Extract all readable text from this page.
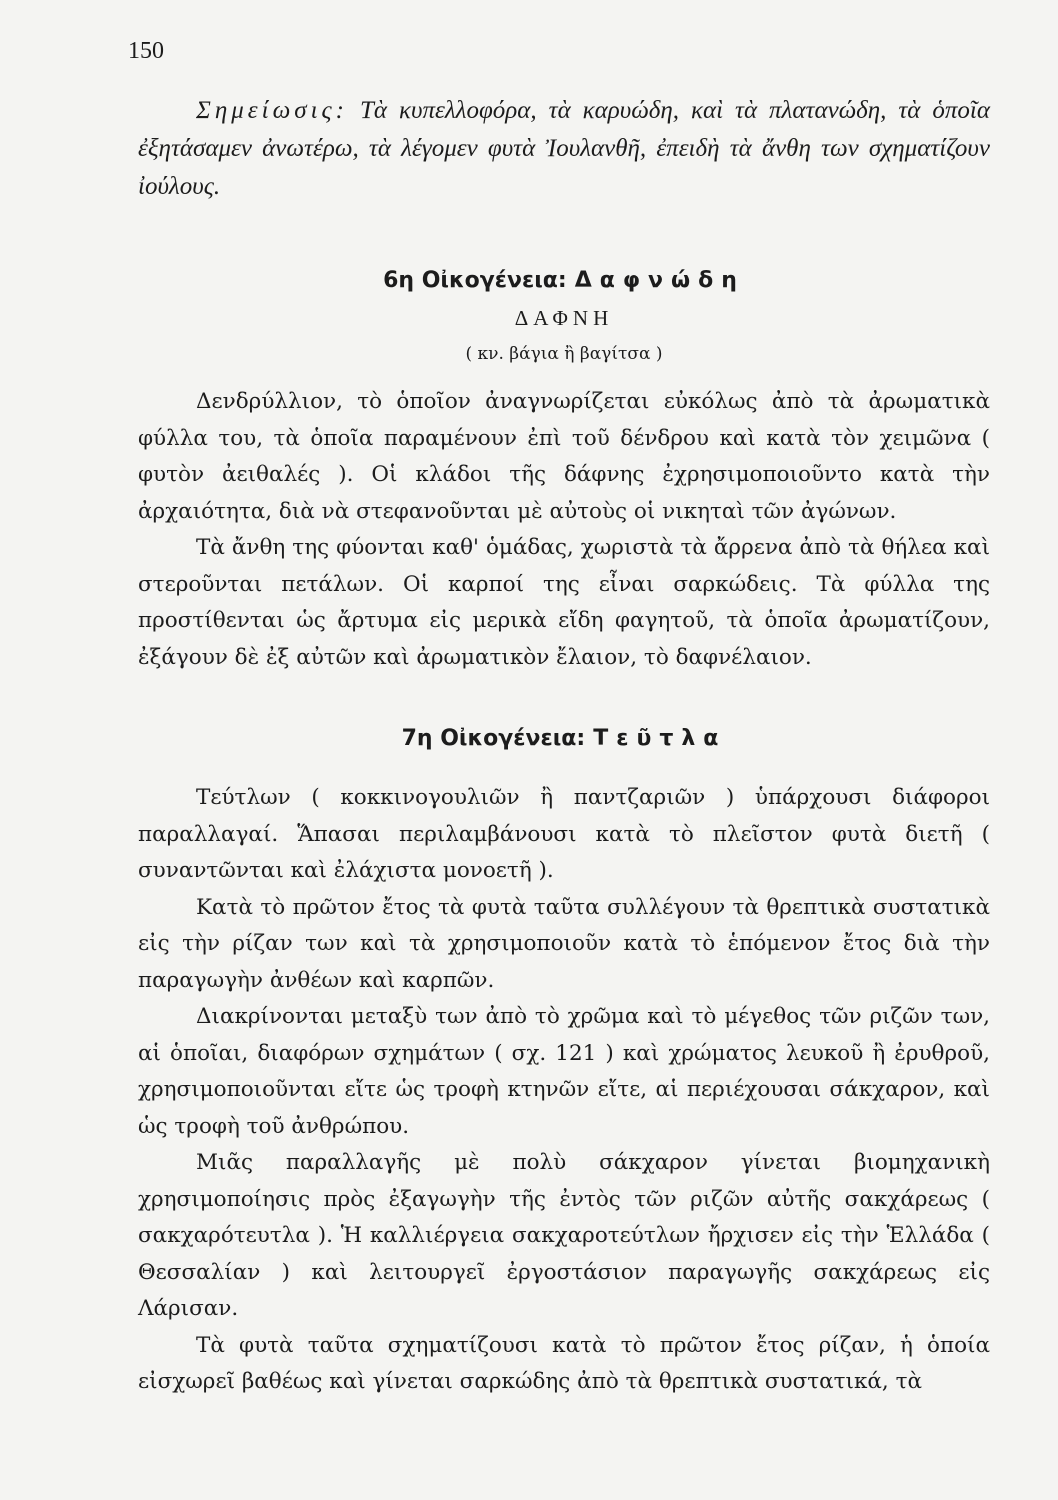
150

Σημείωσις: Τὰ κυπελλοφόρα, τὰ καρυώδη, καὶ τὰ πλατανώδη, τὰ ὁποῖα ἐξητάσαμεν ἀνωτέρω, τὰ λέγομεν φυτὰ Ἰουλανθῆ, ἐπειδὴ τὰ ἄνθη των σχηματίζουν ἰούλους.

6η Οἰκογένεια: Δαφνώδη
ΔΑΦΝΗ
( κν. βάγια ἢ βαγίτσα )

Δενδρύλλιον, τὸ ὁποῖον ἀναγνωρίζεται εὐκόλως ἀπὸ τὰ ἀρωματικὰ φύλλα του, τὰ ὁποῖα παραμένουν ἐπὶ τοῦ δένδρου καὶ κατὰ τὸν χειμῶνα ( φυτὸν ἀειθαλές ). Οἱ κλάδοι τῆς δάφνης ἐχρησιμοποιοῦντο κατὰ τὴν ἀρχαιότητα, διὰ νὰ στεφανοῦνται μὲ αὐτοὺς οἱ νικηταὶ τῶν ἀγώνων.

Τὰ ἄνθη της φύονται καθ' ὁμάδας, χωριστὰ τὰ ἄρρενα ἀπὸ τὰ θήλεα καὶ στεροῦνται πετάλων. Οἱ καρποί της εἶναι σαρκώδεις. Τὰ φύλλα της προστίθενται ὡς ἄρτυμα εἰς μερικὰ εἴδη φαγητοῦ, τὰ ὁποῖα ἀρωματίζουν, ἐξάγουν δὲ ἐξ αὐτῶν καὶ ἀρωματικὸν ἔλαιον, τὸ δαφνέλαιον.

7η Οἰκογένεια: Τεῦτλα

Τεύτλων ( κοκκινογουλιῶν ἢ παντζαριῶν ) ὑπάρχουσι διάφοροι παραλλαγαί. Ἅπασαι περιλαμβάνουσι κατὰ τὸ πλεῖστον φυτὰ διετῆ ( συναντῶνται καὶ ἐλάχιστα μονοετῆ ).

Κατὰ τὸ πρῶτον ἔτος τὰ φυτὰ ταῦτα συλλέγουν τὰ θρεπτικὰ συστατικὰ εἰς τὴν ρίζαν των καὶ τὰ χρησιμοποιοῦν κατὰ τὸ ἑπόμενον ἔτος διὰ τὴν παραγωγὴν ἀνθέων καὶ καρπῶν.

Διακρίνονται μεταξὺ των ἀπὸ τὸ χρῶμα καὶ τὸ μέγεθος τῶν ριζῶν των, αἱ ὁποῖαι, διαφόρων σχημάτων ( σχ. 121 ) καὶ χρώματος λευκοῦ ἢ ἐρυθροῦ, χρησιμοποιοῦνται εἴτε ὡς τροφὴ κτηνῶν εἴτε, αἱ περιέχουσαι σάκχαρον, καὶ ὡς τροφὴ τοῦ ἀνθρώπου.

Μιᾶς παραλλαγῆς μὲ πολὺ σάκχαρον γίνεται βιομηχανικὴ χρησιμοποίησις πρὸς ἐξαγωγὴν τῆς ἐντὸς τῶν ριζῶν αὐτῆς σακχάρεως ( σακχαρότευτλα ). Ἡ καλλιέργεια σακχαροτεύτλων ἤρχισεν εἰς τὴν Ἑλλάδα ( Θεσσαλίαν ) καὶ λειτουργεῖ ἐργοστάσιον παραγωγῆς σακχάρεως εἰς Λάρισαν.

Τὰ φυτὰ ταῦτα σχηματίζουσι κατὰ τὸ πρῶτον ἔτος ρίζαν, ἡ ὁποία εἰσχωρεῖ βαθέως καὶ γίνεται σαρκώδης ἀπὸ τὰ θρεπτικὰ συστατικά, τὰ
